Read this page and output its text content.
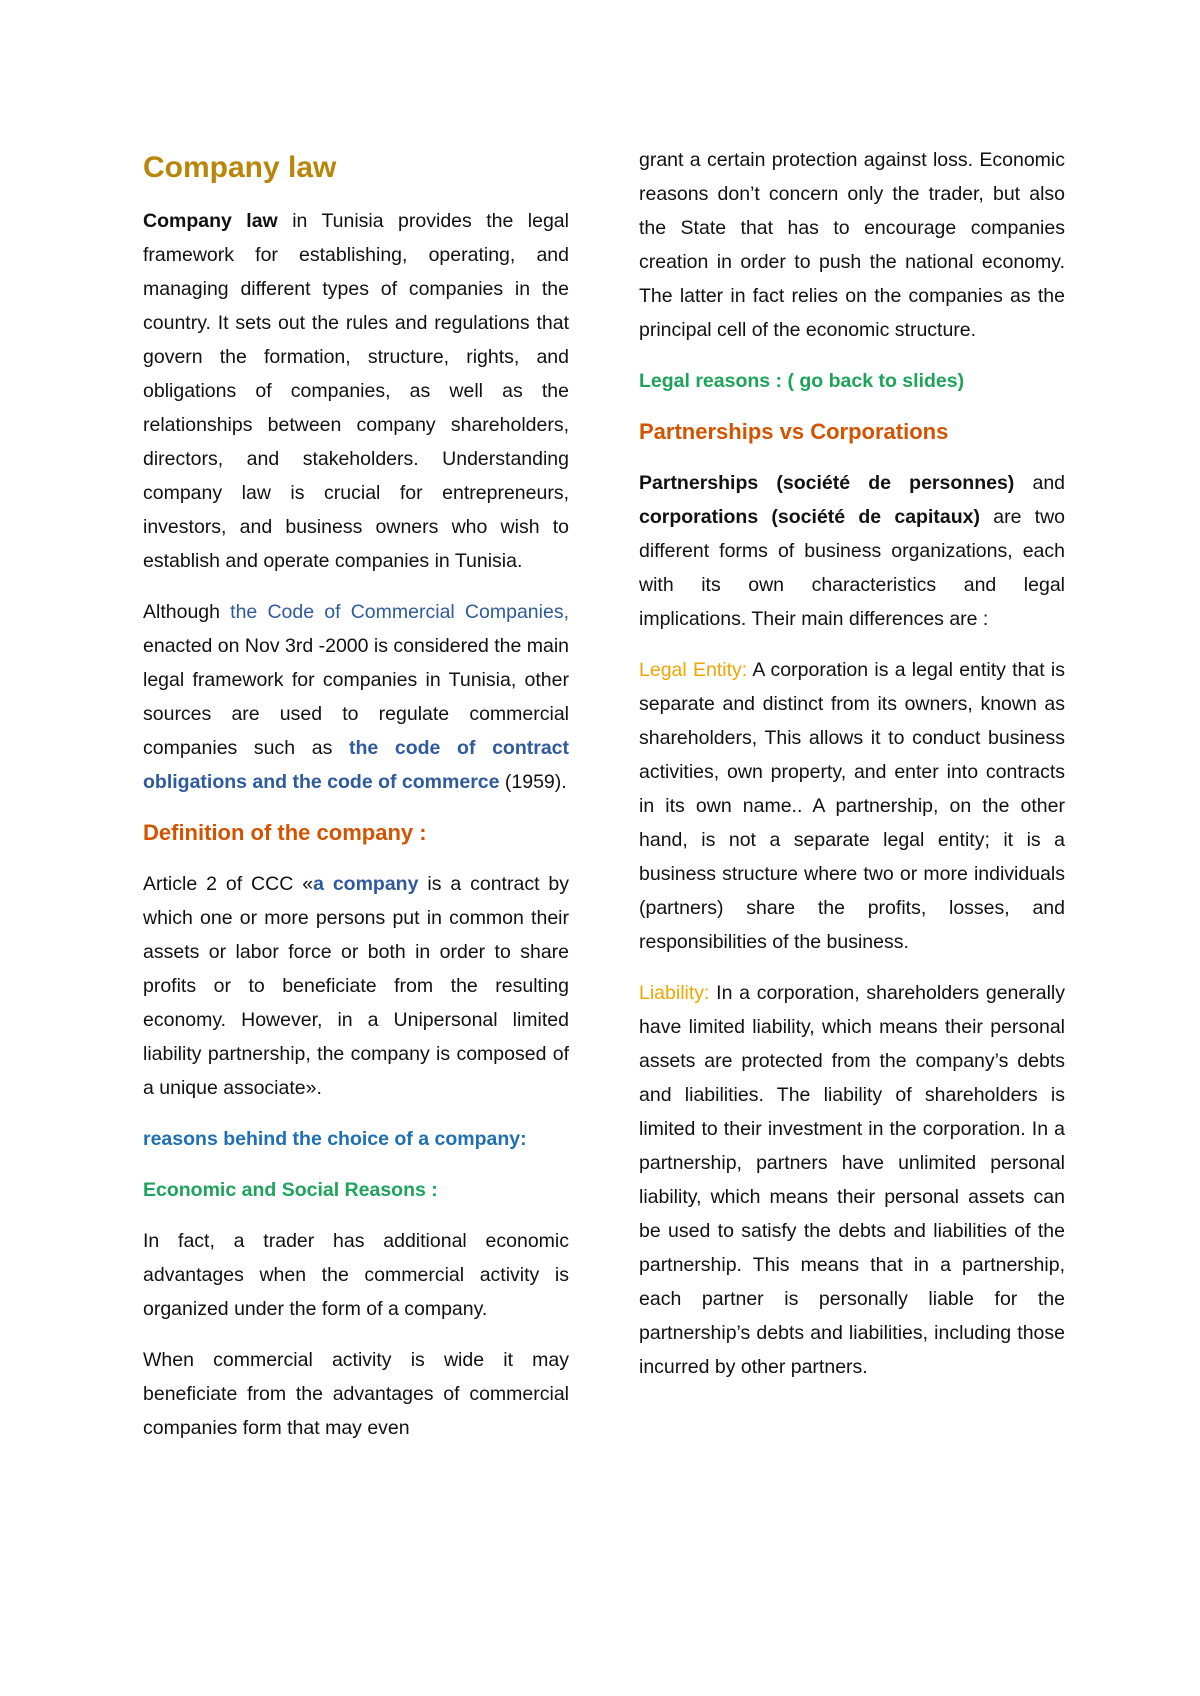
Company law

Company law in Tunisia provides the legal framework for establishing, operating, and managing different types of companies in the country. It sets out the rules and regulations that govern the formation, structure, rights, and obligations of companies, as well as the relationships between company shareholders, directors, and stakeholders. Understanding company law is crucial for entrepreneurs, investors, and business owners who wish to establish and operate companies in Tunisia.

Although the Code of Commercial Companies, enacted on Nov 3rd -2000 is considered the main legal framework for companies in Tunisia, other sources are used to regulate commercial companies such as the code of contract obligations and the code of commerce (1959).

Definition of the company :

Article 2 of CCC «a company is a contract by which one or more persons put in common their assets or labor force or both in order to share profits or to beneficiate from the resulting economy. However, in a Unipersonal limited liability partnership, the company is composed of a unique associate».

reasons behind the choice of a company:
Economic and Social Reasons :

In fact, a trader has additional economic advantages when the commercial activity is organized under the form of a company.

When commercial activity is wide it may beneficiate from the advantages of commercial companies form that may even

grant a certain protection against loss. Economic reasons don’t concern only the trader, but also the State that has to encourage companies creation in order to push the national economy. The latter in fact relies on the companies as the principal cell of the economic structure.

Legal reasons : ( go back to slides)
Partnerships vs Corporations

Partnerships (société de personnes) and corporations (société de capitaux) are two different forms of business organizations, each with its own characteristics and legal implications. Their main differences are :

Legal Entity: A corporation is a legal entity that is separate and distinct from its owners, known as shareholders, This allows it to conduct business activities, own property, and enter into contracts in its own name.. A partnership, on the other hand, is not a separate legal entity; it is a business structure where two or more individuals (partners) share the profits, losses, and responsibilities of the business.

Liability: In a corporation, shareholders generally have limited liability, which means their personal assets are protected from the company’s debts and liabilities. The liability of shareholders is limited to their investment in the corporation. In a partnership, partners have unlimited personal liability, which means their personal assets can be used to satisfy the debts and liabilities of the partnership. This means that in a partnership, each partner is personally liable for the partnership’s debts and liabilities, including those incurred by other partners.
